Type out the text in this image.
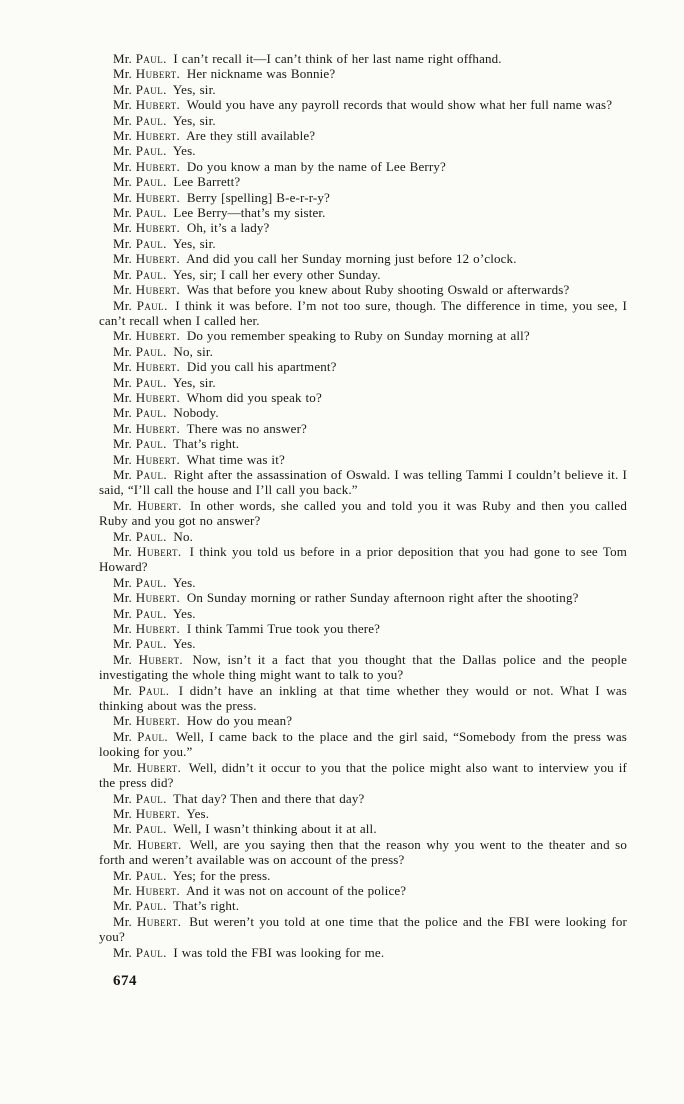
Mr. Paul. I can’t recall it—I can’t think of her last name right offhand.

Mr. Hubert. Her nickname was Bonnie?

Mr. Paul. Yes, sir.

Mr. Hubert. Would you have any payroll records that would show what her full name was?

Mr. Paul. Yes, sir.

Mr. Hubert. Are they still available?

Mr. Paul. Yes.

Mr. Hubert. Do you know a man by the name of Lee Berry?

Mr. Paul. Lee Barrett?

Mr. Hubert. Berry [spelling] B-e-r-r-y?

Mr. Paul. Lee Berry—that’s my sister.

Mr. Hubert. Oh, it’s a lady?

Mr. Paul. Yes, sir.

Mr. Hubert. And did you call her Sunday morning just before 12 o’clock.

Mr. Paul. Yes, sir; I call her every other Sunday.

Mr. Hubert. Was that before you knew about Ruby shooting Oswald or afterwards?

Mr. Paul. I think it was before. I’m not too sure, though. The difference in time, you see, I can’t recall when I called her.

Mr. Hubert. Do you remember speaking to Ruby on Sunday morning at all?

Mr. Paul. No, sir.

Mr. Hubert. Did you call his apartment?

Mr. Paul. Yes, sir.

Mr. Hubert. Whom did you speak to?

Mr. Paul. Nobody.

Mr. Hubert. There was no answer?

Mr. Paul. That’s right.

Mr. Hubert. What time was it?

Mr. Paul. Right after the assassination of Oswald. I was telling Tammi I couldn’t believe it. I said, “I’ll call the house and I’ll call you back.”

Mr. Hubert. In other words, she called you and told you it was Ruby and then you called Ruby and you got no answer?

Mr. Paul. No.

Mr. Hubert. I think you told us before in a prior deposition that you had gone to see Tom Howard?

Mr. Paul. Yes.

Mr. Hubert. On Sunday morning or rather Sunday afternoon right after the shooting?

Mr. Paul. Yes.

Mr. Hubert. I think Tammi True took you there?

Mr. Paul. Yes.

Mr. Hubert. Now, isn’t it a fact that you thought that the Dallas police and the people investigating the whole thing might want to talk to you?

Mr. Paul. I didn’t have an inkling at that time whether they would or not. What I was thinking about was the press.

Mr. Hubert. How do you mean?

Mr. Paul. Well, I came back to the place and the girl said, “Somebody from the press was looking for you.”

Mr. Hubert. Well, didn’t it occur to you that the police might also want to interview you if the press did?

Mr. Paul. That day? Then and there that day?

Mr. Hubert. Yes.

Mr. Paul. Well, I wasn’t thinking about it at all.

Mr. Hubert. Well, are you saying then that the reason why you went to the theater and so forth and weren’t available was on account of the press?

Mr. Paul. Yes; for the press.

Mr. Hubert. And it was not on account of the police?

Mr. Paul. That’s right.

Mr. Hubert. But weren’t you told at one time that the police and the FBI were looking for you?

Mr. Paul. I was told the FBI was looking for me.

674
